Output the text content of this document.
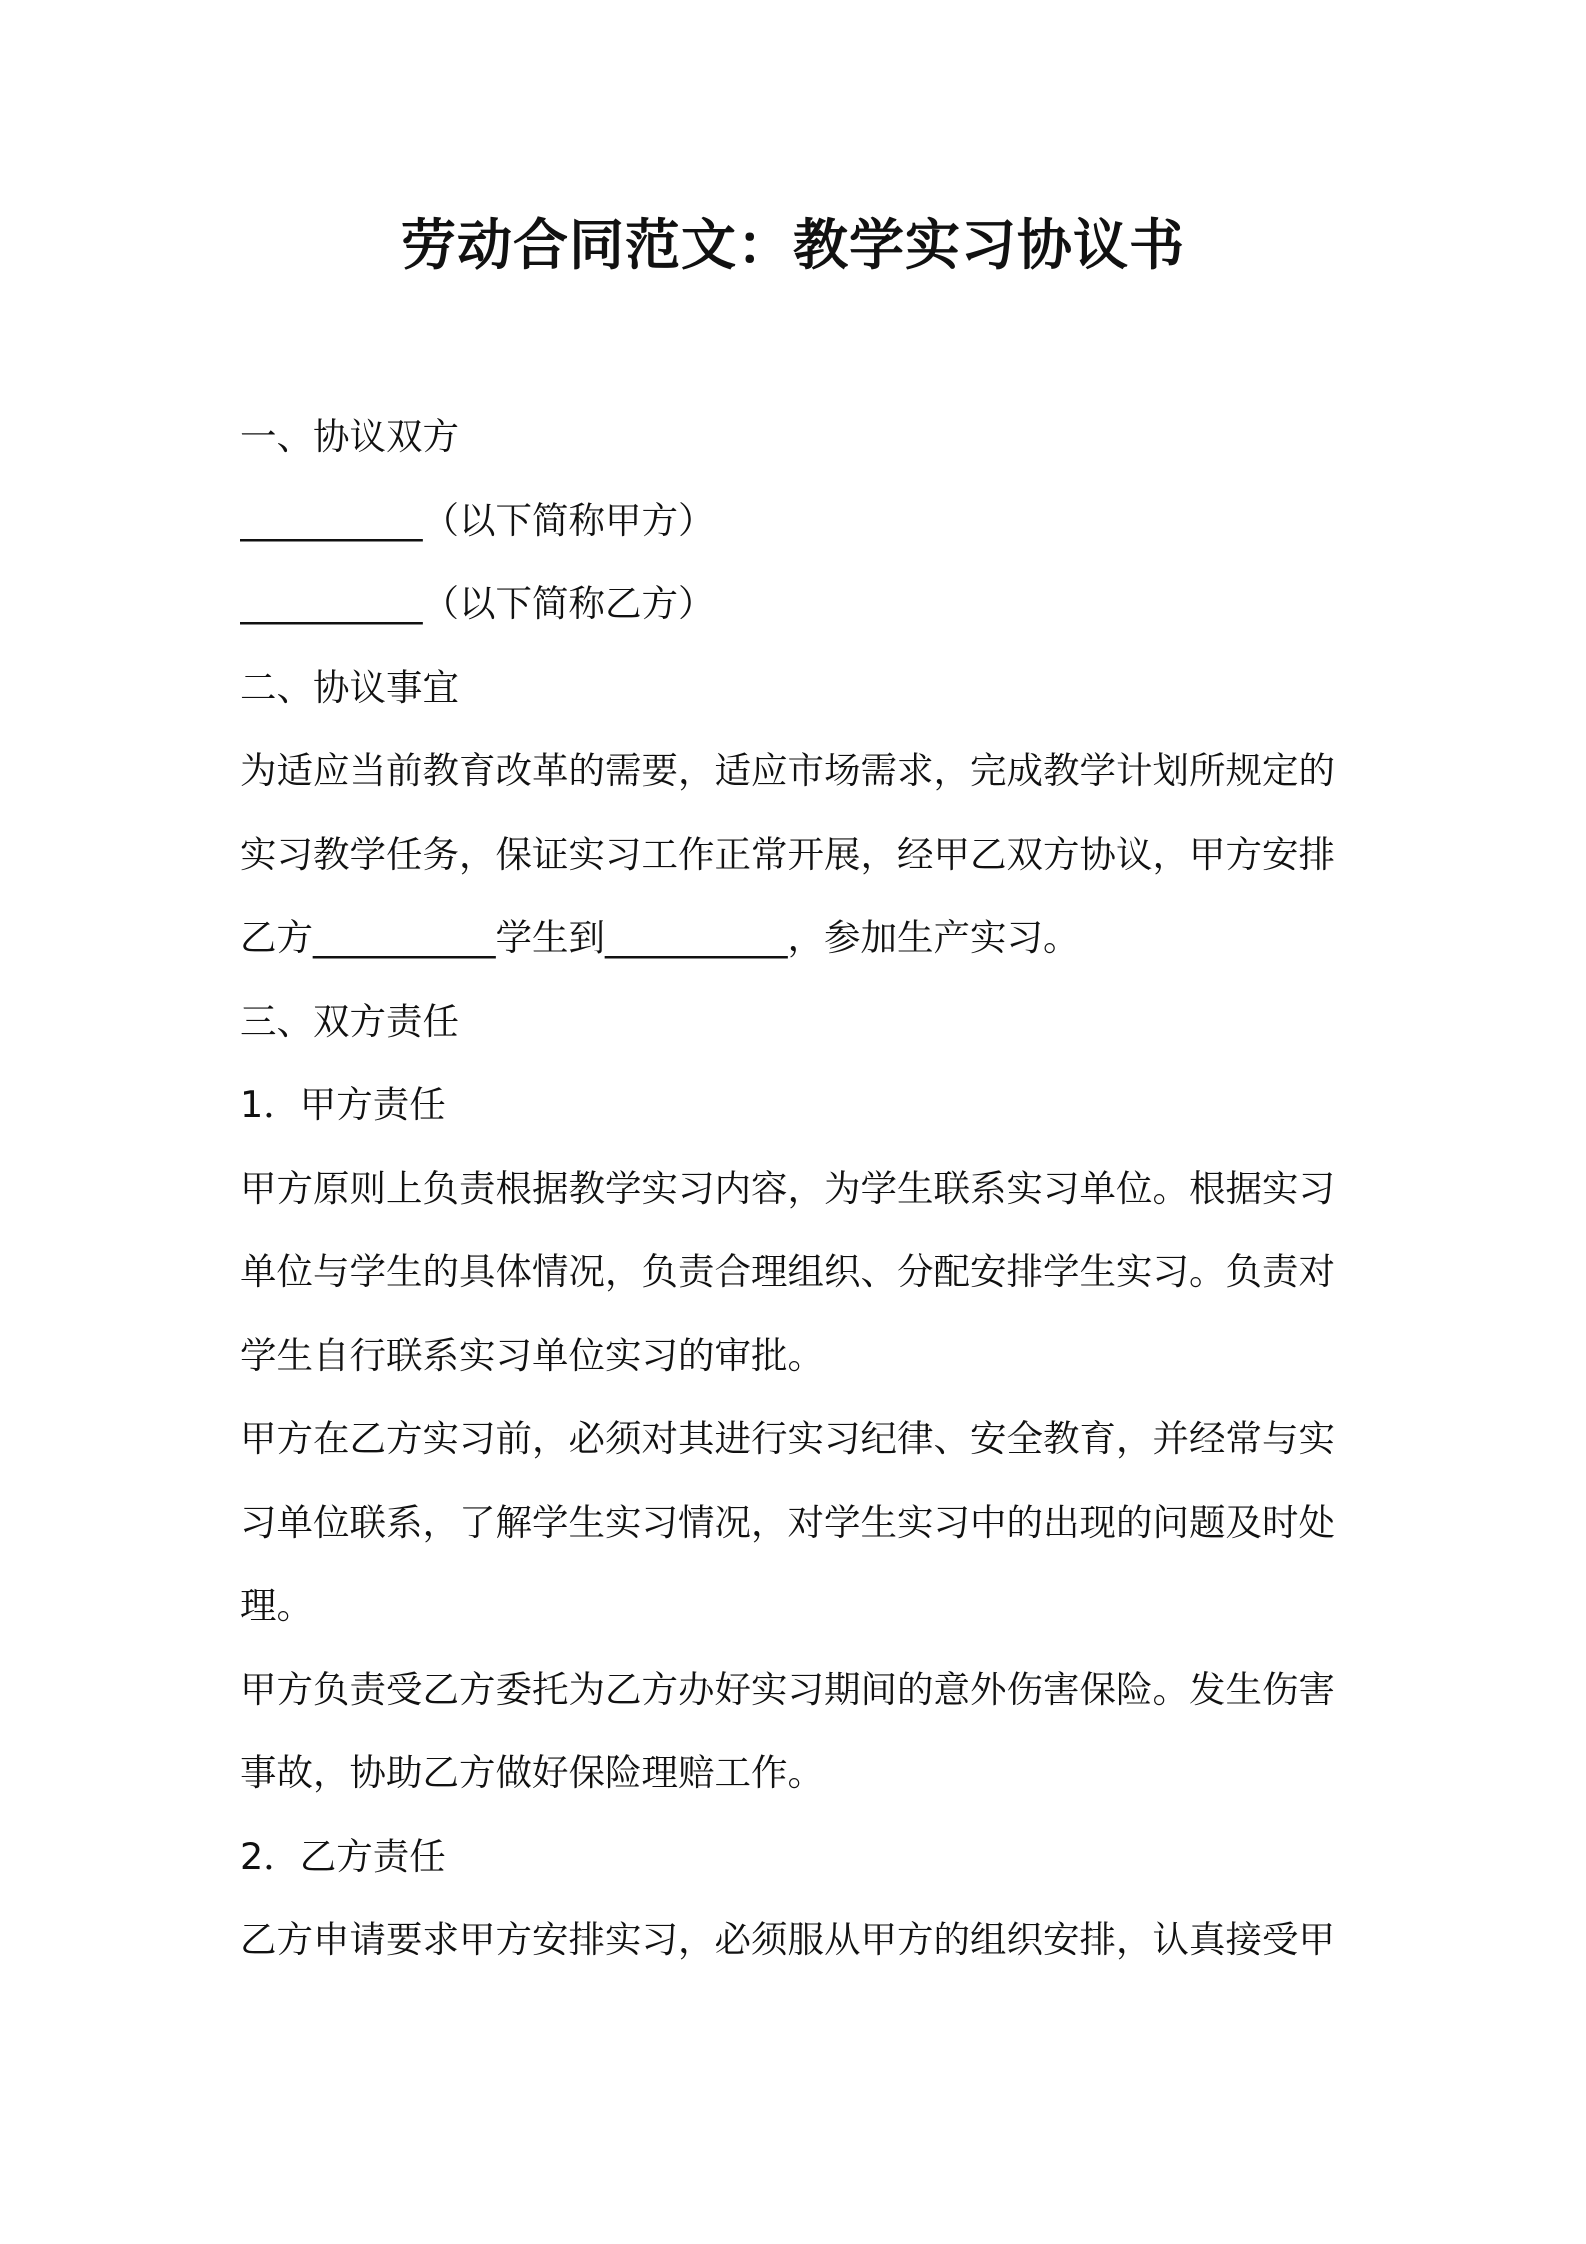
劳动合同范文：教学实习协议书
一、协议双方
__________（以下简称甲方）
__________（以下简称乙方）
二、协议事宜
为适应当前教育改革的需要，适应市场需求，完成教学计划所规定的
实习教学任务，保证实习工作正常开展，经甲乙双方协议，甲方安排
乙方__________学生到__________，参加生产实习。
三、双方责任
1．甲方责任
甲方原则上负责根据教学实习内容，为学生联系实习单位。根据实习
单位与学生的具体情况，负责合理组织、分配安排学生实习。负责对
学生自行联系实习单位实习的审批。
甲方在乙方实习前，必须对其进行实习纪律、安全教育，并经常与实
习单位联系，了解学生实习情况，对学生实习中的出现的问题及时处
理。
甲方负责受乙方委托为乙方办好实习期间的意外伤害保险。发生伤害
事故，协助乙方做好保险理赔工作。
2．乙方责任
乙方申请要求甲方安排实习，必须服从甲方的组织安排，认真接受甲
